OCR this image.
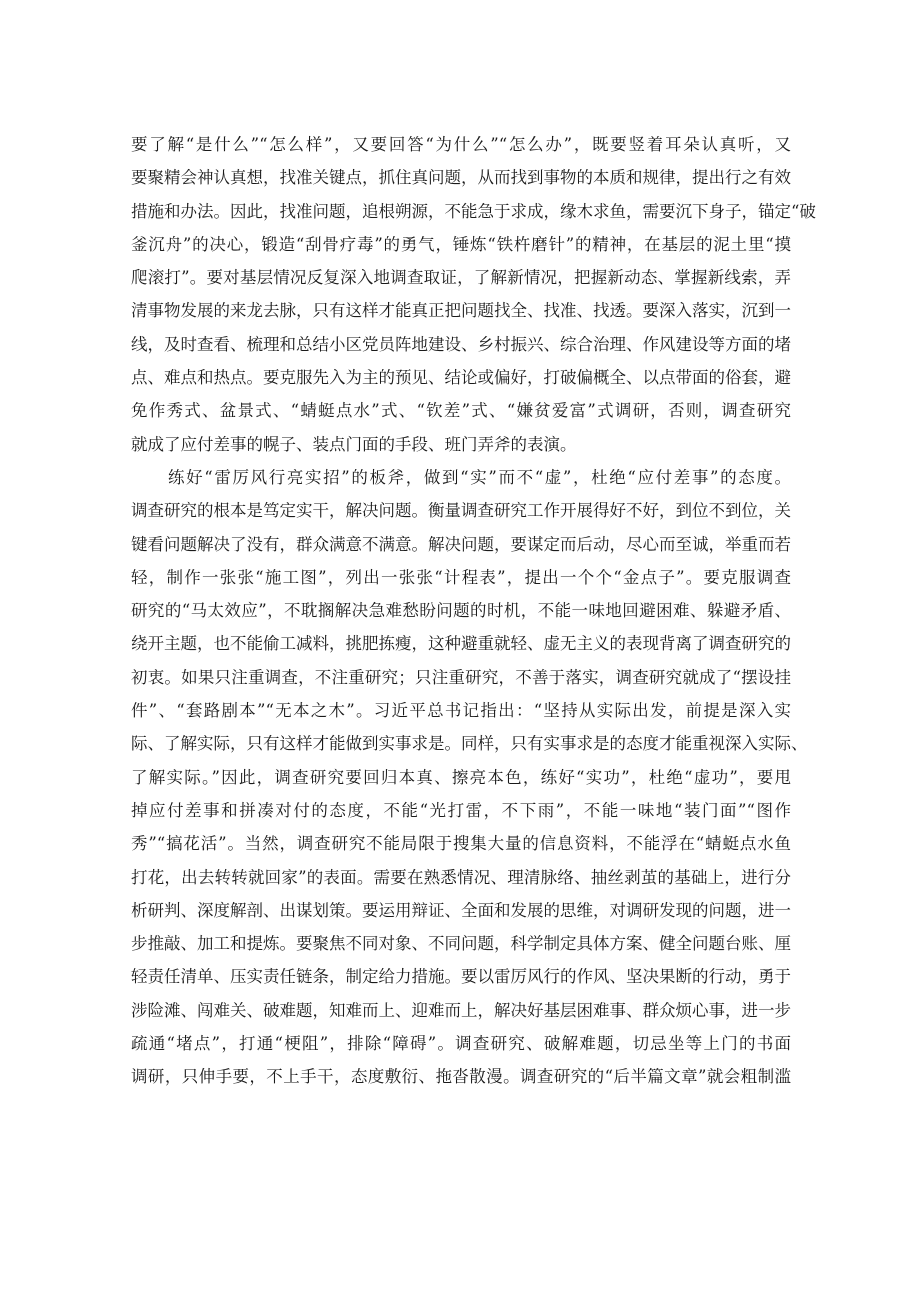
要了解“是什么”“怎么样”，又要回答“为什么”“怎么办”，既要竖着耳朵认真听，又
要聚精会神认真想，找准关键点，抓住真问题，从而找到事物的本质和规律，提出行之有效
措施和办法。因此，找准问题，追根朔源，不能急于求成，缘木求鱼，需要沉下身子，锚定“破
釜沉舟”的决心，锻造“刮骨疗毒”的勇气，锤炼“铁杵磨针”的精神，在基层的泥土里“摸
爬滚打”。要对基层情况反复深入地调查取证，了解新情况，把握新动态、掌握新线索，弄
清事物发展的来龙去脉，只有这样才能真正把问题找全、找准、找透。要深入落实，沉到一
线，及时查看、梳理和总结小区党员阵地建设、乡村振兴、综合治理、作风建设等方面的堵
点、难点和热点。要克服先入为主的预见、结论或偏好，打破偏概全、以点带面的俗套，避
免作秀式、盆景式、“蜻蜓点水”式、“钦差”式、“嫌贫爱富”式调研，否则，调查研究
就成了应付差事的幌子、装点门面的手段、班门弄斧的表演。
练好“雷厉风行亮实招”的板斧，做到“实”而不“虚”，杜绝“应付差事”的态度。
调查研究的根本是笃定实干，解决问题。衡量调查研究工作开展得好不好，到位不到位，关
键看问题解决了没有，群众满意不满意。解决问题，要谋定而后动，尽心而至诚，举重而若
轻，制作一张张“施工图”，列出一张张“计程表”，提出一个个“金点子”。要克服调查
研究的“马太效应”，不耽搁解决急难愁盼问题的时机，不能一味地回避困难、躲避矛盾、
绕开主题，也不能偷工减料，挑肥拣瘦，这种避重就轻、虚无主义的表现背离了调查研究的
初衷。如果只注重调查，不注重研究；只注重研究，不善于落实，调查研究就成了“摆设挂
件”、“套路剧本”“无本之木”。习近平总书记指出：“坚持从实际出发，前提是深入实
际、了解实际，只有这样才能做到实事求是。同样，只有实事求是的态度才能重视深入实际、
了解实际。”因此，调查研究要回归本真、擦亮本色，练好“实功”，杜绝“虚功”，要甩
掉应付差事和拼凑对付的态度，不能“光打雷，不下雨”，不能一味地“装门面”“图作
秀”“搞花活”。当然，调查研究不能局限于搜集大量的信息资料，不能浮在“蜻蜓点水鱼
打花，出去转转就回家”的表面。需要在熟悉情况、理清脉络、抽丝剥茧的基础上，进行分
析研判、深度解剖、出谋划策。要运用辩证、全面和发展的思维，对调研发现的问题，进一
步推敲、加工和提炼。要聚焦不同对象、不同问题，科学制定具体方案、健全问题台账、厘
轻责任清单、压实责任链条，制定给力措施。要以雷厉风行的作风、坚决果断的行动，勇于
涉险滩、闯难关、破难题，知难而上、迎难而上，解决好基层困难事、群众烦心事，进一步
疏通“堵点”，打通“梗阻”，排除“障碍”。调查研究、破解难题，切忌坐等上门的书面
调研，只伸手要，不上手干，态度敷衍、拖沓散漫。调查研究的“后半篇文章”就会粗制滥
